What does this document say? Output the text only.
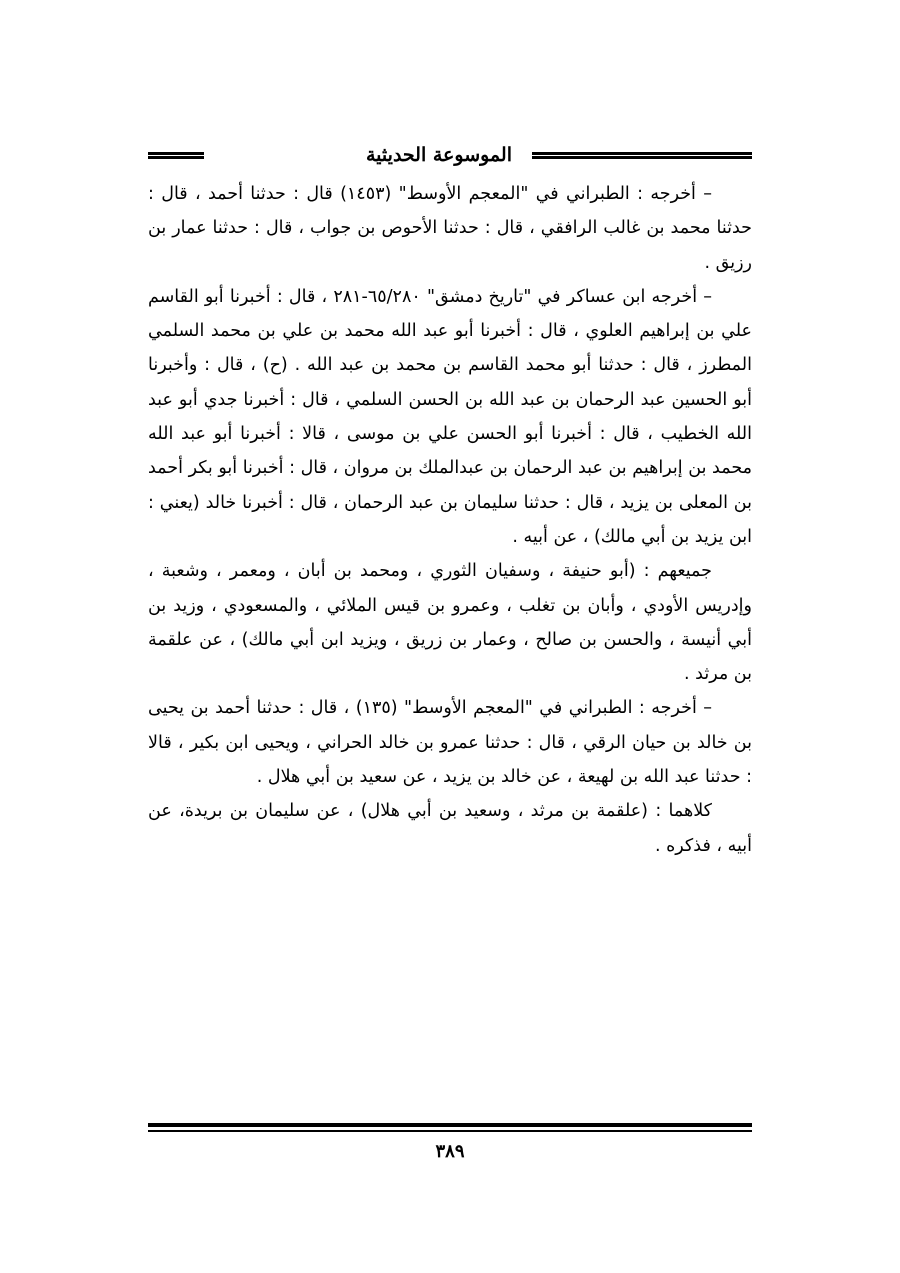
الموسوعة الحديثية

– أخرجه : الطبراني في "المعجم الأوسط" (١٤٥٣) قال : حدثنا أحمد ، قال : حدثنا محمد بن غالب الرافقي ، قال : حدثنا الأحوص بن جواب ، قال : حدثنا عمار بن رزيق .

– أخرجه ابن عساكر في "تاريخ دمشق" ٦٥/٢٨٠-٢٨١ ، قال : أخبرنا أبو القاسم علي بن إبراهيم العلوي ، قال : أخبرنا أبو عبد الله محمد بن علي بن محمد السلمي المطرز ، قال : حدثنا أبو محمد القاسم بن محمد بن عبد الله . (ح) ، قال : وأخبرنا أبو الحسين عبد الرحمان بن عبد الله بن الحسن السلمي ، قال : أخبرنا جدي أبو عبد الله الخطيب ، قال : أخبرنا أبو الحسن علي بن موسى ، قالا : أخبرنا أبو عبد الله محمد بن إبراهيم بن عبد الرحمان بن عبدالملك بن مروان ، قال : أخبرنا أبو بكر أحمد بن المعلى بن يزيد ، قال : حدثنا سليمان بن عبد الرحمان ، قال : أخبرنا خالد (يعني : ابن يزيد بن أبي مالك) ، عن أبيه .

جميعهم : (أبو حنيفة ، وسفيان الثوري ، ومحمد بن أبان ، ومعمر ، وشعبة ، وإدريس الأودي ، وأبان بن تغلب ، وعمرو بن قيس الملائي ، والمسعودي ، وزيد بن أبي أنيسة ، والحسن بن صالح ، وعمار بن زريق ، ويزيد ابن أبي مالك) ، عن علقمة بن مرثد .

– أخرجه : الطبراني في "المعجم الأوسط" (١٣٥) ، قال : حدثنا أحمد بن يحيى بن خالد بن حيان الرقي ، قال : حدثنا عمرو بن خالد الحراني ، ويحيى ابن بكير ، قالا : حدثنا عبد الله بن لهيعة ، عن خالد بن يزيد ، عن سعيد بن أبي هلال .

كلاهما : (علقمة بن مرثد ، وسعيد بن أبي هلال) ، عن سليمان بن بريدة، عن أبيه ، فذكره .

٣٨٩
